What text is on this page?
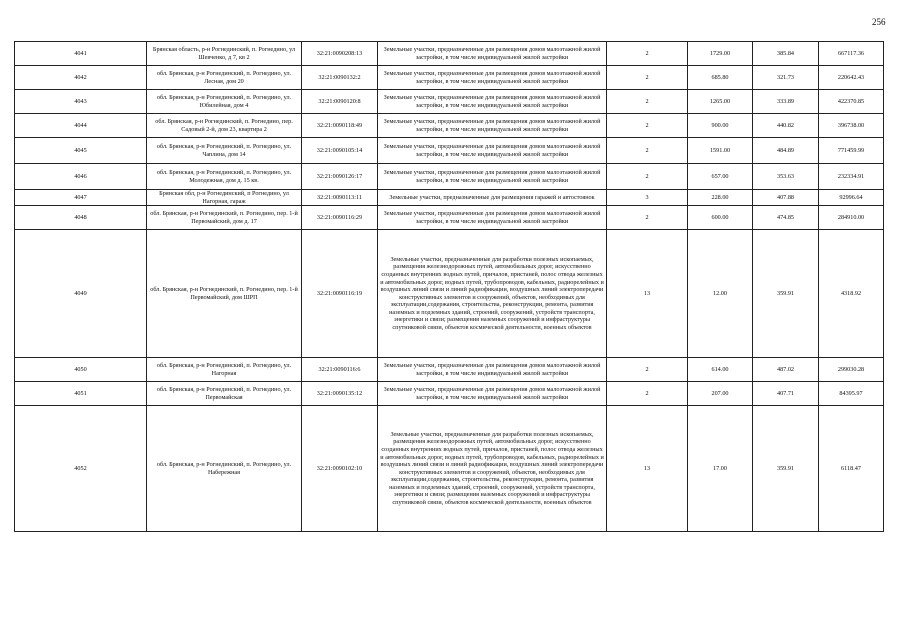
256
4041	Брянская область, р-н Рогнединский, п. Рогнедино, ул Шевченко, д 7, кв 2	32:21:0090208:13	Земельные участки, предназначенные для размещения домов малоэтажной жилой застройки, в том числе индивидуальной жилой застройки	2	1729.00	385.84	667117.36
4042	обл. Брянская, р-н Рогнединский, п. Рогнедино, ул. Лесная, дом 20	32:21:0090132:2	Земельные участки, предназначенные для размещения домов малоэтажной жилой застройки, в том числе индивидуальной жилой застройки	2	685.80	321.73	220642.43
4043	обл. Брянская, р-н Рогнединский, п. Рогнедино, ул. Юбилейная, дом 4	32:21:0090120:8	Земельные участки, предназначенные для размещения домов малоэтажной жилой застройки, в том числе индивидуальной жилой застройки	2	1265.00	333.89	422370.85
4044	обл. Брянская, р-н Рогнединский, п. Рогнедино, пер. Садовый 2-й, дом 23, квартира 2	32:21:0090118:49	Земельные участки, предназначенные для размещения домов малоэтажной жилой застройки, в том числе индивидуальной жилой застройки	2	900.00	440.82	396738.00
4045	обл. Брянская, р-н Рогнединский, п. Рогнедино, ул. Чаплина, дом 14	32:21:0090105:14	Земельные участки, предназначенные для размещения домов малоэтажной жилой застройки, в том числе индивидуальной жилой застройки	2	1591.00	484.89	771459.99
4046	обл. Брянская, р-н Рогнединский, п. Рогнедино, ул. Молодежная, дом д. 15 кв.	32:21:0090126:17	Земельные участки, предназначенные для размещения домов малоэтажной жилой застройки, в том числе индивидуальной жилой застройки	2	657.00	353.63	232334.91
4047	Брянская обл, р-н Рогнединский, п Рогнедино, ул Нагорная, гараж	32:21:0090113:11	Земельные участки, предназначенные для размещения гаражей и автостоянок	3	228.00	407.88	92996.64
4048	обл. Брянская, р-н Рогнединский, п. Рогнедино, пер. 1-й Первомайский, дом д. 17	32:21:0090116:29	Земельные участки, предназначенные для размещения домов малоэтажной жилой застройки, в том числе индивидуальной жилой застройки	2	600.00	474.85	284910.00
4049	обл. Брянская, р-н Рогнединский, п. Рогнедино, пер. 1-й Первомайский, дом ШРП	32:21:0090116:19	Земельные участки, предназначенные для разработки полезных ископаемых, размещения железнодорожных путей, автомобильных дорог, искусственно созданных внутренних водных путей, причалов, пристаней, полос отвода железных и автомобильных дорог, водных путей, трубопроводов, кабельных, радиорелейных и воздушных линий связи и линий радиофикации, воздушных линий электропередачи конструктивных элементов и сооружений, объектов, необходимых для эксплуатации,содержания, строительства, реконструкции, ремонта, развития наземных и подземных зданий, строений, сооружений, устройств транспорта, энергетики и связи; размещения наземных сооружений и инфраструктуры спутниковой связи, объектов космической деятельности, военных объектов	13	12.00	359.91	4318.92
4050	обл. Брянская, р-н Рогнединский, п. Рогнедино, ул. Нагорная	32:21:0090116:6	Земельные участки, предназначенные для размещения домов малоэтажной жилой застройки, в том числе индивидуальной жилой застройки	2	614.00	487.02	299030.28
4051	обл. Брянская, р-н Рогнединский, п. Рогнедино, ул. Первомайская	32:21:0090135:12	Земельные участки, предназначенные для размещения домов малоэтажной жилой застройки, в том числе индивидуальной жилой застройки	2	207.00	407.71	84395.97
4052	обл. Брянская, р-н Рогнединский, п. Рогнедино, ул. Набережная	32:21:0090102:10	Земельные участки, предназначенные для разработки полезных ископаемых, размещения железнодорожных путей, автомобильных дорог, искусственно созданных внутренних водных путей, причалов, пристаней, полос отвода железных и автомобильных дорог, водных путей, трубопроводов, кабельных, радиорелейных и воздушных линий связи и линий радиофикации, воздушных линий электропередачи конструктивных элементов и сооружений, объектов, необходимых для эксплуатации,содержания, строительства, реконструкции, ремонта, развития наземных и подземных зданий, строений, сооружений, устройств транспорта, энергетики и связи; размещения наземных сооружений и инфраструктуры спутниковой связи, объектов космической деятельности, военных объектов	13	17.00	359.91	6118.47
